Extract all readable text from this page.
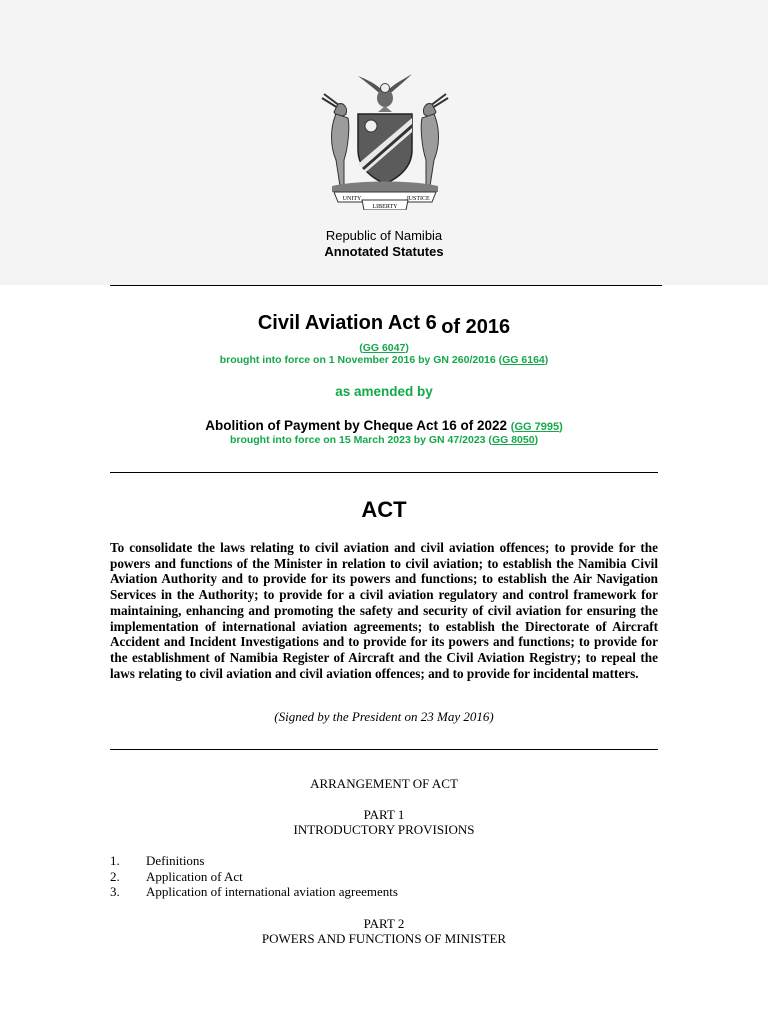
UNITY
LIBERTY
JUSTICE
Republic of Namibia
Annotated Statutes
Civil Aviation Act 6 of 2016
(GG 6047)
brought into force on 1 November 2016 by GN 260/2016 (GG 6164)
as amended by
Abolition of Payment by Cheque Act 16 of 2022 (GG 7995)
brought into force on 15 March 2023 by GN 47/2023 (GG 8050)
ACT
To consolidate the laws relating to civil aviation and civil aviation offences; to provide for the powers and functions of the Minister in relation to civil aviation; to establish the Namibia Civil Aviation Authority and to provide for its powers and functions; to establish the Air Navigation Services in the Authority; to provide for a civil aviation regulatory and control framework for maintaining, enhancing and promoting the safety and security of civil aviation for ensuring the implementation of international aviation agreements; to establish the Directorate of Aircraft Accident and Incident Investigations and to provide for its powers and functions; to provide for the establishment of Namibia Register of Aircraft and the Civil Aviation Registry; to repeal the laws relating to civil aviation and civil aviation offences; and to provide for incidental matters.
(Signed by the President on 23 May 2016)
ARRANGEMENT OF ACT
PART 1
INTRODUCTORY PROVISIONS
1. Definitions
2. Application of Act
3. Application of international aviation agreements
PART 2
POWERS AND FUNCTIONS OF MINISTER
